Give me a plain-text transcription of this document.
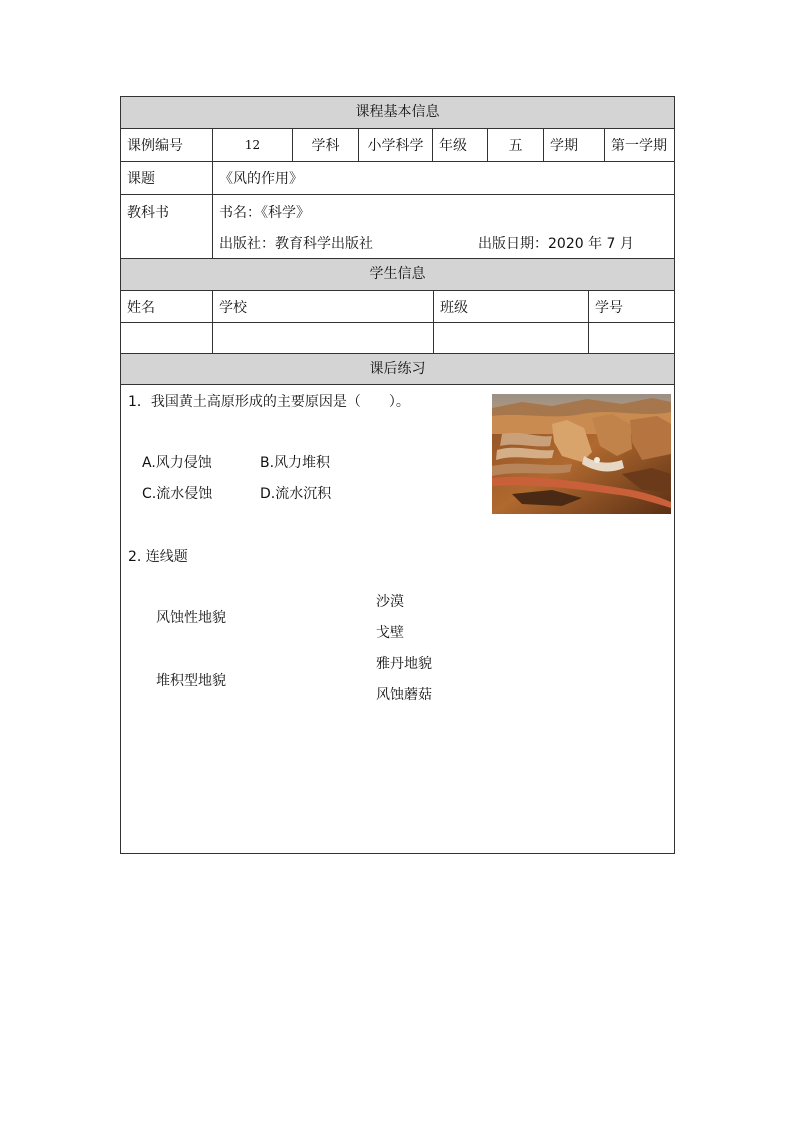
课程基本信息
课例编号	12	学科	小学科学	年级	五	学期	第一学期
课题	《风的作用》
教科书	书名：《科学》
出版社：教育科学出版社	出版日期：2020 年 7 月
学生信息
姓名	学校	班级	学号
课后练习
1．我国黄土高原形成的主要原因是（　　）。
A.风力侵蚀	B.风力堆积
C.流水侵蚀	D.流水沉积
2. 连线题
风蚀性地貌
堆积型地貌
沙漠
戈壁
雅丹地貌
风蚀蘑菇
